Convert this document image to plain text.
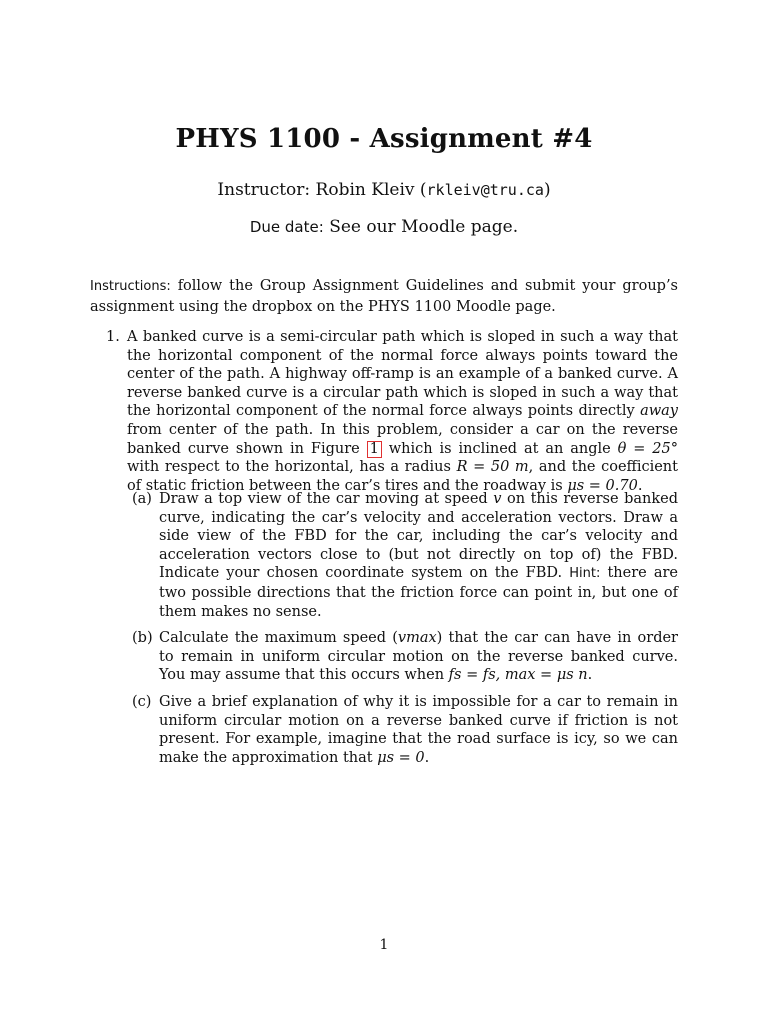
PHYS 1100 - Assignment #4
Instructor: Robin Kleiv (rkleiv@tru.ca)
Due date: See our Moodle page.
Instructions: follow the Group Assignment Guidelines and submit your group’s assignment using the dropbox on the PHYS 1100 Moodle page.
1. A banked curve is a semi-circular path which is sloped in such a way that the horizontal component of the normal force always points toward the center of the path. A highway off-ramp is an example of a banked curve. A reverse banked curve is a circular path which is sloped in such a way that the horizontal component of the normal force always points directly away from center of the path. In this problem, consider a car on the reverse banked curve shown in Figure 1 which is inclined at an angle θ = 25° with respect to the horizontal, has a radius R = 50 m, and the coefficient of static friction between the car’s tires and the roadway is μs = 0.70.
(a) Draw a top view of the car moving at speed v on this reverse banked curve, indicating the car’s velocity and acceleration vectors. Draw a side view of the FBD for the car, including the car’s velocity and acceleration vectors close to (but not directly on top of) the FBD. Indicate your chosen coordinate system on the FBD. Hint: there are two possible directions that the friction force can point in, but one of them makes no sense.
(b) Calculate the maximum speed (vmax) that the car can have in order to remain in uniform circular motion on the reverse banked curve. You may assume that this occurs when fs = fs, max = μs n.
(c) Give a brief explanation of why it is impossible for a car to remain in uniform circular motion on a reverse banked curve if friction is not present. For example, imagine that the road surface is icy, so we can make the approximation that μs = 0.
1
